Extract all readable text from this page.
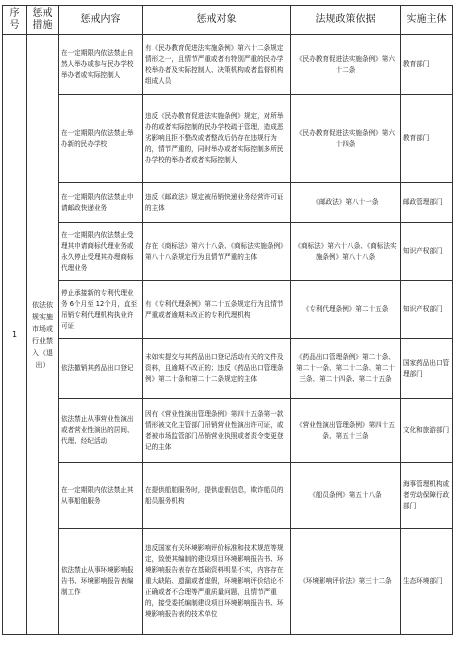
序号	惩戒措施	惩戒内容	惩戒对象	法规政策依据	实施主体
1	依法依规实施市场或行业禁入（退出）	在一定期限内依法禁止自然人举办或参与民办学校举办者或实际控制人	有《民办教育促进法实施条例》第六十二条规定情形之一，且情节严重或者有特别严重的民办学校举办者及实际控制人、决策机构或者监督机构组成人员	《民办教育促进法实施条例》第六十二条	教育部门
		在一定期限内依法禁止举办新的民办学校	违反《民办教育促进法实施条例》规定，对所举办的或者实际控制的民办学校疏于管理，造成恶劣影响且拒不整改或者整改后仍存在违规行为的，情节严重的，同时举办或者实际控制多所民办学校的举办者或者实际控制人	《民办教育促进法实施条例》第六十四条	教育部门
		在一定期限内依法禁止申请邮政快递业务	违反《邮政法》规定被吊销快递业务经营许可证的主体	《邮政法》第八十一条	邮政管理部门
		在一定期限内依法禁止受理其申请商标代理业务或永久停止受理其办理商标代理业务	存在《商标法》第六十八条、《商标法实施条例》第八十八条规定行为且情节严重的主体	《商标法》第六十八条、《商标法实施条例》第八十八条	知识产权部门
		停止承接新的专利代理业务 6个月至 12个月，直至吊销专利代理机构执业许可证	有《专利代理条例》第二十五条规定行为且情节严重或者逾期未改正的专利代理机构	《专利代理条例》第二十五条	知识产权部门
		依法撤销其药品出口登记	未如实提交与其药品出口登记活动有关的文件及资料，且逾期不改正的；违反《药品出口管理条例》第二十条和第二十二条规定的主体	《药品出口管理条例》第二十条、第二十一条、第二十二条、第二十三条、第二十四条、第二十五条	国家药品出口管理部门
		依法禁止从事营业性演出或者营业性演出的居间、代理、经纪活动	因有《营业性演出管理条例》第四十五条第一款情形被文化主管部门吊销营业性演出许可证，或者被市场监管部门吊销营业执照或者责令变更登记的主体	《营业性演出管理条例》第四十五条、第五十三条	文化和旅游部门
		在一定期限内依法禁止其从事船舶服务	在提供船舶服务时，提供虚假信息，欺诈船员的船员服务机构	《船员条例》第五十八条	海事管理机构或者劳动保障行政部门
		依法禁止从事环境影响报告书、环境影响报告表编制工作	违反国家有关环境影响评价标准和技术规范等规定，致使其编制的建设项目环境影响报告书、环境影响报告表存在基础资料明显不实，内容存在重大缺陷、遗漏或者虚假，环境影响评价结论不正确或者不合理等严重质量问题，且情节严重的，接受委托编制建设项目环境影响报告书、环境影响报告表的技术单位	《环境影响评价法》第三十二条	生态环境部门
